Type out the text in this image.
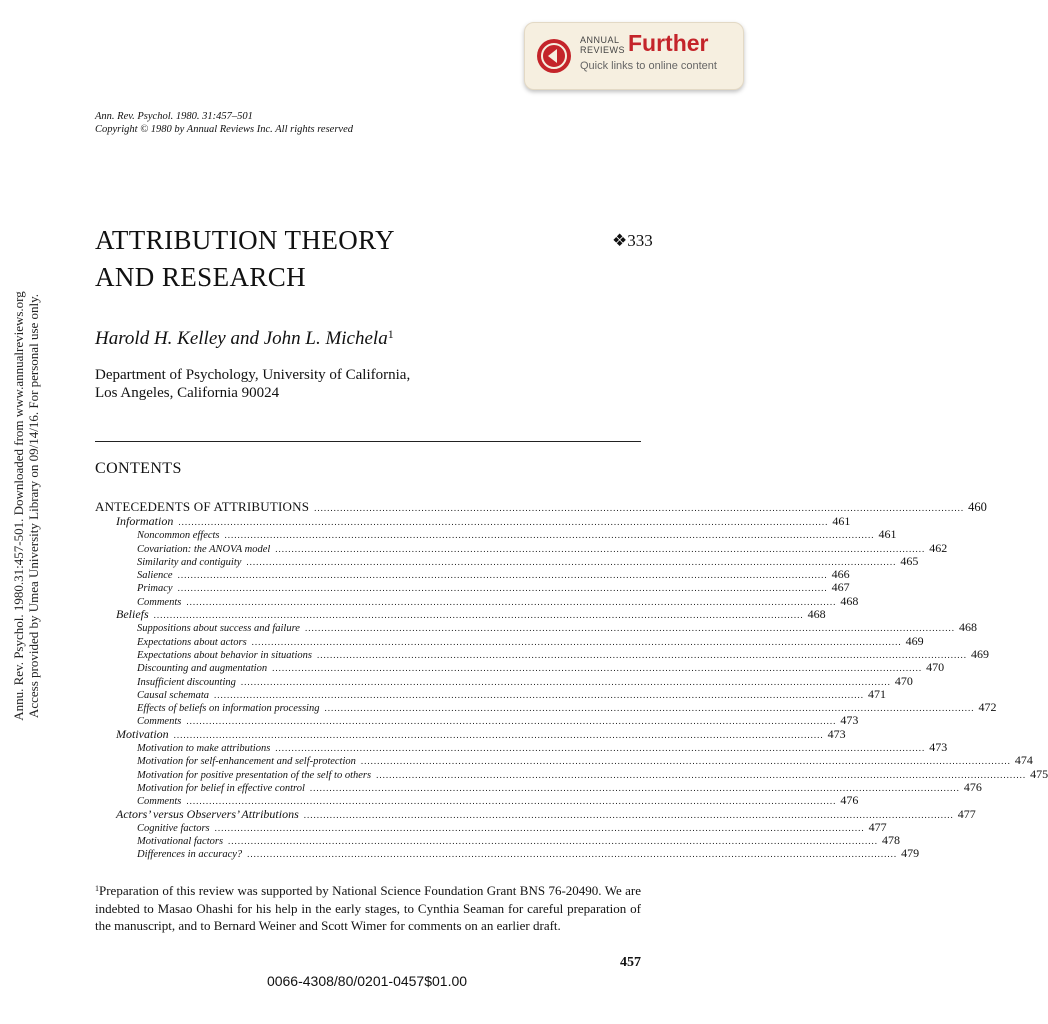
ANNUAL
REVIEWS Further
Quick links to online content
Annu. Rev. Psychol. 1980.31:457-501. Downloaded from www.annualreviews.org Access provided by Umea University Library on 09/14/16. For personal use only.
Ann. Rev. Psychol. 1980. 31:457–501
Copyright © 1980 by Annual Reviews Inc. All rights reserved
ATTRIBUTION THEORY
AND RESEARCH
❖333
Harold H. Kelley and John L. Michela$^1$
Department of Psychology, University of California,
Los Angeles, California 90024
CONTENTS
ANTECEDENTS OF ATTRIBUTIONS ........................................................................................................................................................................................................ 460
Information ........................................................................................................................................................................................................ 461
Noncommon effects ........................................................................................................................................................................................................ 461
Covariation: the ANOVA model ........................................................................................................................................................................................................ 462
Similarity and contiguity ........................................................................................................................................................................................................ 465
Salience ........................................................................................................................................................................................................ 466
Primacy ........................................................................................................................................................................................................ 467
Comments ........................................................................................................................................................................................................ 468
Beliefs ........................................................................................................................................................................................................ 468
Suppositions about success and failure ........................................................................................................................................................................................................ 468
Expectations about actors ........................................................................................................................................................................................................ 469
Expectations about behavior in situations ........................................................................................................................................................................................................ 469
Discounting and augmentation ........................................................................................................................................................................................................ 470
Insufficient discounting ........................................................................................................................................................................................................ 470
Causal schemata ........................................................................................................................................................................................................ 471
Effects of beliefs on information processing ........................................................................................................................................................................................................ 472
Comments ........................................................................................................................................................................................................ 473
Motivation ........................................................................................................................................................................................................ 473
Motivation to make attributions ........................................................................................................................................................................................................ 473
Motivation for self-enhancement and self-protection ........................................................................................................................................................................................................ 474
Motivation for positive presentation of the self to others ........................................................................................................................................................................................................ 475
Motivation for belief in effective control ........................................................................................................................................................................................................ 476
Comments ........................................................................................................................................................................................................ 476
Actors’ versus Observers’ Attributions ........................................................................................................................................................................................................ 477
Cognitive factors ........................................................................................................................................................................................................ 477
Motivational factors ........................................................................................................................................................................................................ 478
Differences in accuracy? ........................................................................................................................................................................................................ 479
$^1$Preparation of this review was supported by National Science Foundation Grant BNS 76-20490. We are indebted to Masao Ohashi for his help in the early stages, to Cynthia Seaman for careful preparation of the manuscript, and to Bernard Weiner and Scott Wimer for comments on an earlier draft.
457
0066-4308/80/0201-0457$01.00
